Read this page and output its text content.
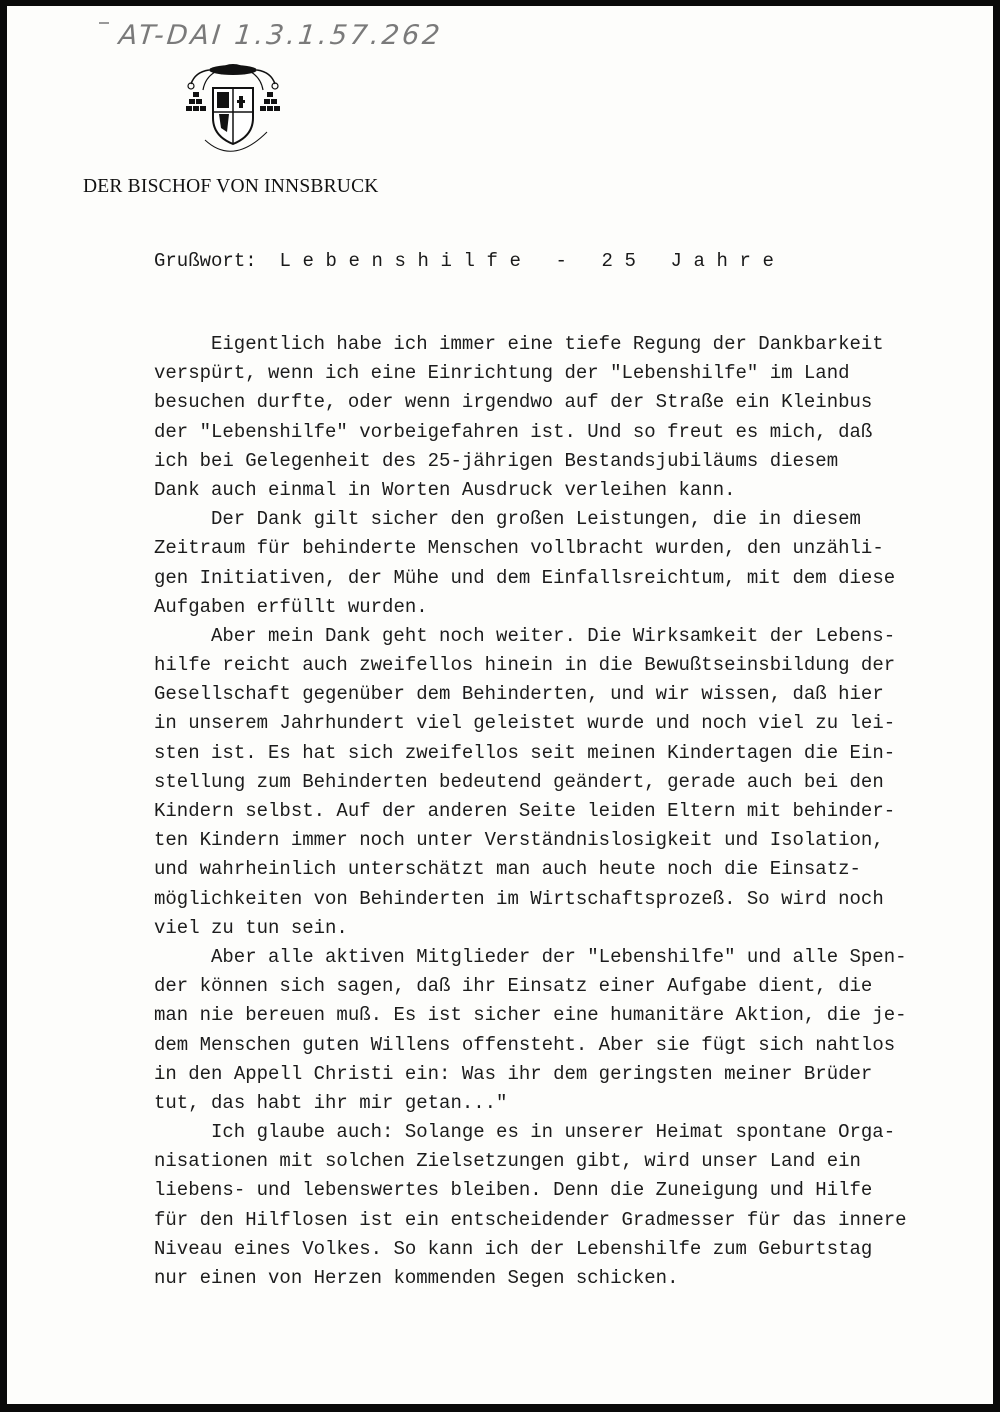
AT-DAI 1.3.1.57.262
DER BISCHOF VON INNSBRUCK
Grußwort: Lebenshilfe - 25 Jahre
Eigentlich habe ich immer eine tiefe Regung der Dankbarkeit
verspürt, wenn ich eine Einrichtung der "Lebenshilfe" im Land
besuchen durfte, oder wenn irgendwo auf der Straße ein Kleinbus
der "Lebenshilfe" vorbeigefahren ist. Und so freut es mich, daß
ich bei Gelegenheit des 25-jährigen Bestandsjubiläums diesem
Dank auch einmal in Worten Ausdruck verleihen kann.
Der Dank gilt sicher den großen Leistungen, die in diesem
Zeitraum für behinderte Menschen vollbracht wurden, den unzähli-
gen Initiativen, der Mühe und dem Einfallsreichtum, mit dem diese
Aufgaben erfüllt wurden.
Aber mein Dank geht noch weiter. Die Wirksamkeit der Lebens-
hilfe reicht auch zweifellos hinein in die Bewußtseinsbildung der
Gesellschaft gegenüber dem Behinderten, und wir wissen, daß hier
in unserem Jahrhundert viel geleistet wurde und noch viel zu lei-
sten ist. Es hat sich zweifellos seit meinen Kindertagen die Ein-
stellung zum Behinderten bedeutend geändert, gerade auch bei den
Kindern selbst. Auf der anderen Seite leiden Eltern mit behinder-
ten Kindern immer noch unter Verständnislosigkeit und Isolation,
und wahrheinlich unterschätzt man auch heute noch die Einsatz-
möglichkeiten von Behinderten im Wirtschaftsprozeß. So wird noch
viel zu tun sein.
Aber alle aktiven Mitglieder der "Lebenshilfe" und alle Spen-
der können sich sagen, daß ihr Einsatz einer Aufgabe dient, die
man nie bereuen muß. Es ist sicher eine humanitäre Aktion, die je-
dem Menschen guten Willens offensteht. Aber sie fügt sich nahtlos
in den Appell Christi ein: Was ihr dem geringsten meiner Brüder
tut, das habt ihr mir getan..."
Ich glaube auch: Solange es in unserer Heimat spontane Orga-
nisationen mit solchen Zielsetzungen gibt, wird unser Land ein
liebens- und lebenswertes bleiben. Denn die Zuneigung und Hilfe
für den Hilflosen ist ein entscheidender Gradmesser für das innere
Niveau eines Volkes. So kann ich der Lebenshilfe zum Geburtstag
nur einen von Herzen kommenden Segen schicken.
